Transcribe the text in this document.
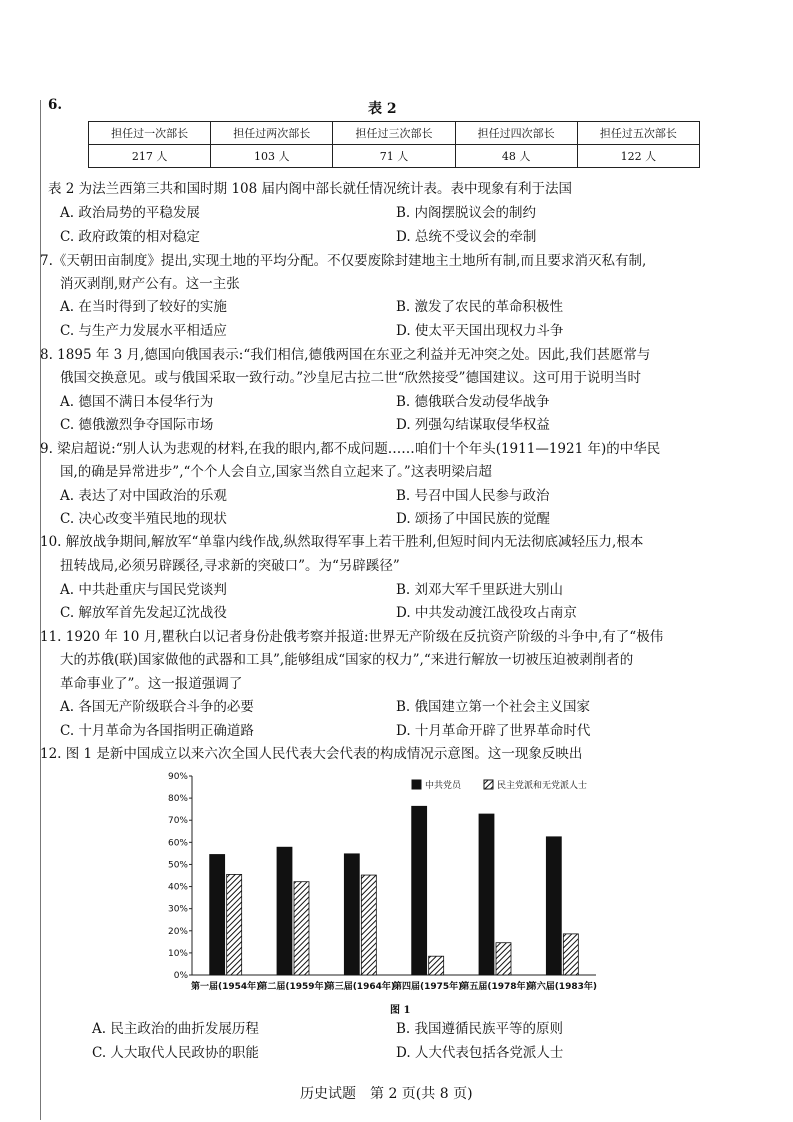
6.	表 2
担任过一次部长	担任过两次部长	担任过三次部长	担任过四次部长	担任过五次部长
217 人	103 人	71 人	48 人	122 人
表 2 为法兰西第三共和国时期 108 届内阁中部长就任情况统计表。表中现象有利于法国
A. 政治局势的平稳发展	B. 内阁摆脱议会的制约
C. 政府政策的相对稳定	D. 总统不受议会的牵制
7.《天朝田亩制度》提出,实现土地的平均分配。不仅要废除封建地主土地所有制,而且要求消灭私有制,
消灭剥削,财产公有。这一主张
A. 在当时得到了较好的实施	B. 激发了农民的革命积极性
C. 与生产力发展水平相适应	D. 使太平天国出现权力斗争
8. 1895 年 3 月,德国向俄国表示:“我们相信,德俄两国在东亚之利益并无冲突之处。因此,我们甚愿常与
俄国交换意见。或与俄国采取一致行动。”沙皇尼古拉二世“欣然接受”德国建议。这可用于说明当时
A. 德国不满日本侵华行为	B. 德俄联合发动侵华战争
C. 德俄激烈争夺国际市场	D. 列强勾结谋取侵华权益
9. 梁启超说:“别人认为悲观的材料,在我的眼内,都不成问题……咱们十个年头(1911—1921 年)的中华民
国,的确是异常进步”,“个个人会自立,国家当然自立起来了。”这表明梁启超
A. 表达了对中国政治的乐观	B. 号召中国人民参与政治
C. 决心改变半殖民地的现状	D. 颂扬了中国民族的觉醒
10. 解放战争期间,解放军“单靠内线作战,纵然取得军事上若干胜利,但短时间内无法彻底减轻压力,根本
扭转战局,必须另辟蹊径,寻求新的突破口”。为“另辟蹊径”
A. 中共赴重庆与国民党谈判	B. 刘邓大军千里跃进大别山
C. 解放军首先发起辽沈战役	D. 中共发动渡江战役攻占南京
11. 1920 年 10 月,瞿秋白以记者身份赴俄考察并报道:世界无产阶级在反抗资产阶级的斗争中,有了“极伟
大的苏俄(联)国家做他的武器和工具”,能够组成“国家的权力”,“来进行解放一切被压迫被剥削者的
革命事业了”。这一报道强调了
A. 各国无产阶级联合斗争的必要	B. 俄国建立第一个社会主义国家
C. 十月革命为各国指明正确道路	D. 十月革命开辟了世界革命时代
12. 图 1 是新中国成立以来六次全国人民代表大会代表的构成情况示意图。这一现象反映出
0%
10%
20%
30%
40%
50%
60%
70%
80%
90%
第一届(1954年)
第二届(1959年)
第三届(1964年)
第四届(1975年)
第五届(1978年)
第六届(1983年)
中共党员	民主党派和无党派人士
图 1
A. 民主政治的曲折发展历程	B. 我国遵循民族平等的原则
C. 人大取代人民政协的职能	D. 人大代表包括各党派人士
历史试题　第 2 页(共 8 页)
